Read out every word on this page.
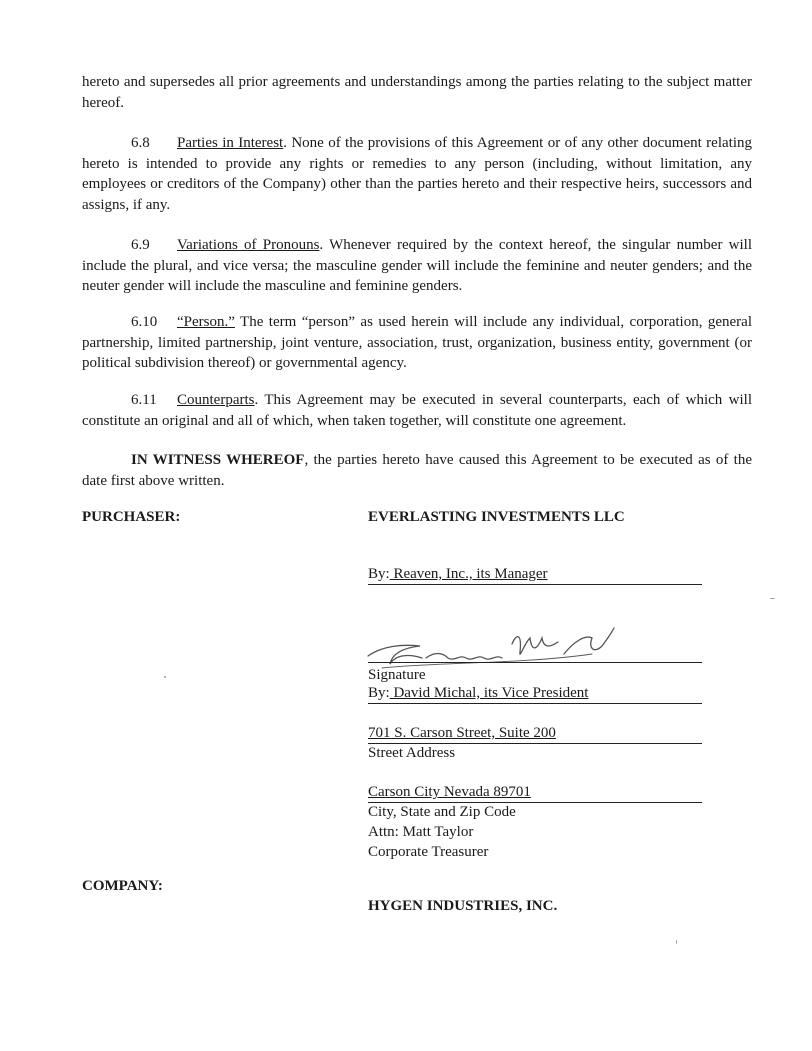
hereto and supersedes all prior agreements and understandings among the parties relating to the subject matter hereof.

6.8 Parties in Interest. None of the provisions of this Agreement or of any other document relating hereto is intended to provide any rights or remedies to any person (including, without limitation, any employees or creditors of the Company) other than the parties hereto and their respective heirs, successors and assigns, if any.

6.9 Variations of Pronouns. Whenever required by the context hereof, the singular number will include the plural, and vice versa; the masculine gender will include the feminine and neuter genders; and the neuter gender will include the masculine and feminine genders.

6.10 “Person.” The term “person” as used herein will include any individual, corporation, general partnership, limited partnership, joint venture, association, trust, organization, business entity, government (or political subdivision thereof) or governmental agency.

6.11 Counterparts. This Agreement may be executed in several counterparts, each of which will constitute an original and all of which, when taken together, will constitute one agreement.

IN WITNESS WHEREOF, the parties hereto have caused this Agreement to be executed as of the date first above written.

PURCHASER:	EVERLASTING INVESTMENTS LLC
By: Reaven, Inc., its Manager
Signature
By: David Michal, its Vice President
701 S. Carson Street, Suite 200
Street Address
Carson City Nevada 89701
City, State and Zip Code
Attn: Matt Taylor
Corporate Treasurer
COMPANY:
HYGEN INDUSTRIES, INC.
